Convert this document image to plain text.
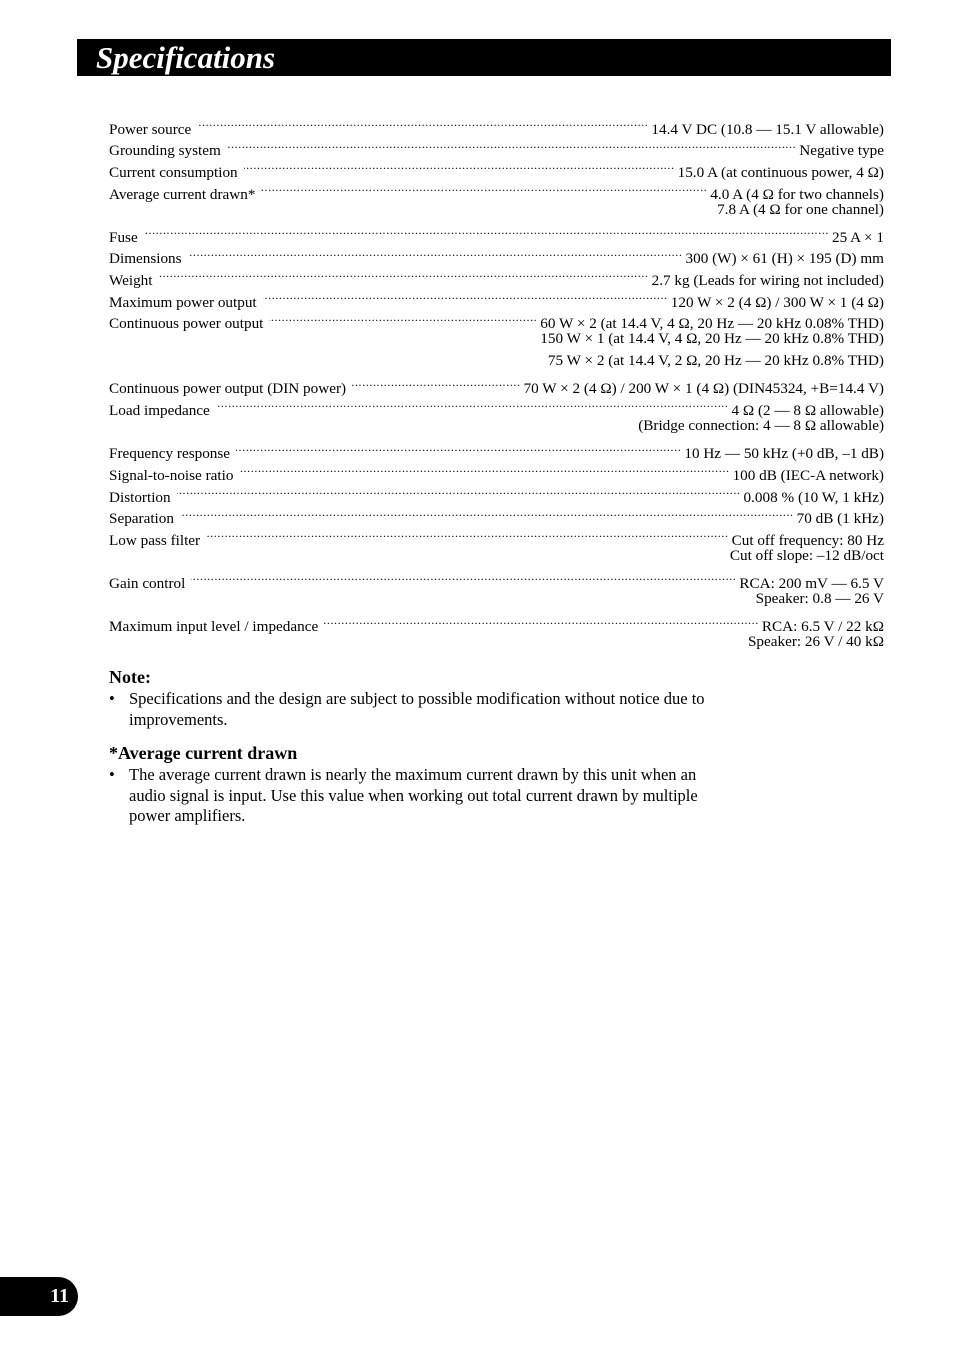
Specifications
Power source .....	14.4 V DC (10.8 — 15.1 V allowable)
Grounding system .....	Negative type
Current consumption .....	15.0 A (at continuous power, 4 Ω)
Average current drawn* .....	4.0 A (4 Ω for two channels)
7.8 A (4 Ω for one channel)
Fuse .....	25 A × 1
Dimensions .....	300 (W) × 61 (H) × 195 (D) mm
Weight .....	2.7 kg (Leads for wiring not included)
Maximum power output .....	120 W × 2 (4 Ω) / 300 W × 1 (4 Ω)
Continuous power output .....	60 W × 2 (at 14.4 V, 4 Ω, 20 Hz — 20 kHz 0.08% THD)
150 W × 1 (at 14.4 V, 4 Ω, 20 Hz — 20 kHz 0.8% THD)
75 W × 2 (at 14.4 V, 2 Ω, 20 Hz — 20 kHz 0.8% THD)
Continuous power output (DIN power) .....	70 W × 2 (4 Ω) / 200 W × 1 (4 Ω) (DIN45324, +B=14.4 V)
Load impedance .....	4 Ω (2 — 8 Ω allowable)
(Bridge connection: 4 — 8 Ω allowable)
Frequency response .....	10 Hz — 50 kHz (+0 dB, –1 dB)
Signal-to-noise ratio .....	100 dB (IEC-A network)
Distortion .....	0.008 % (10 W, 1 kHz)
Separation .....	70 dB (1 kHz)
Low pass filter .....	Cut off frequency: 80 Hz
Cut off slope: –12 dB/oct
Gain control .....	RCA: 200 mV — 6.5 V
Speaker: 0.8 — 26 V
Maximum input level / impedance .....	RCA: 6.5 V / 22 kΩ
Speaker: 26 V / 40 kΩ
Note:
• Specifications and the design are subject to possible modification without notice due to improvements.
*Average current drawn
• The average current drawn is nearly the maximum current drawn by this unit when an audio signal is input. Use this value when working out total current drawn by multiple power amplifiers.
11
